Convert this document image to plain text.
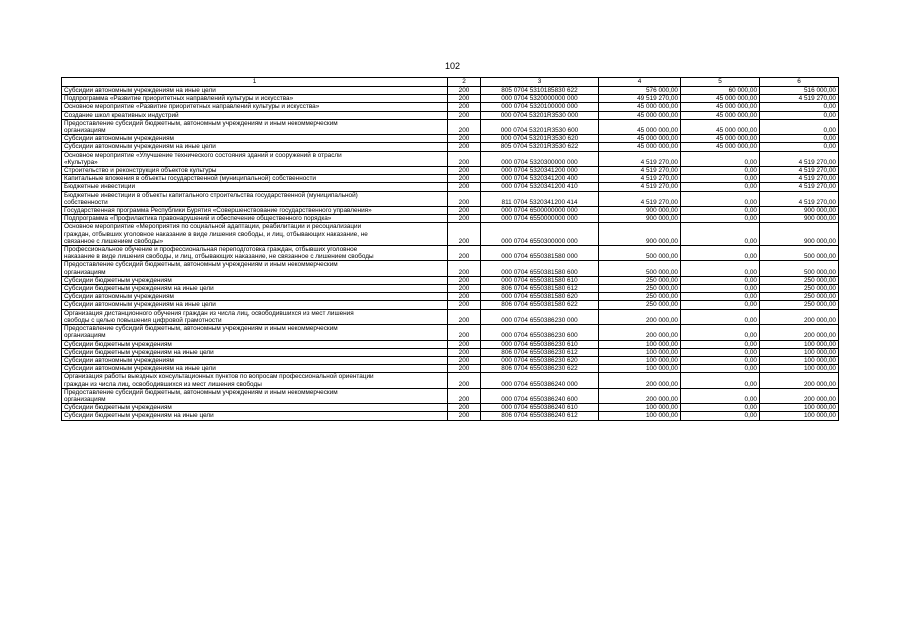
102
1	2	3	4	5	6
Субсидии автономным учреждениям на иные цели	200	805 0704 5310185830 622	576 000,00	60 000,00	516 000,00
Подпрограмма «Развитие приоритетных направлений культуры и искусства»	200	000 0704 5320000000 000	49 519 270,00	45 000 000,00	4 519 270,00
Основное мероприятие «Развитие приоритетных направлений культуры и искусства»	200	000 0704 5320100000 000	45 000 000,00	45 000 000,00	0,00
Создание школ креативных индустрий	200	000 0704 53201R3530 000	45 000 000,00	45 000 000,00	0,00
Предоставление субсидий бюджетным, автономным учреждениям и иным некоммерческим
организациям	200	000 0704 53201R3530 600	45 000 000,00	45 000 000,00	0,00
Субсидии автономным учреждениям	200	000 0704 53201R3530 620	45 000 000,00	45 000 000,00	0,00
Субсидии автономным учреждениям на иные цели	200	805 0704 53201R3530 622	45 000 000,00	45 000 000,00	0,00
Основное мероприятие «Улучшение технического состояния зданий и сооружений в отрасли
«Культура»	200	000 0704 5320300000 000	4 519 270,00	0,00	4 519 270,00
Строительство и реконструкция объектов культуры	200	000 0704 5320341200 000	4 519 270,00	0,00	4 519 270,00
Капитальные вложения в объекты государственной (муниципальной) собственности	200	000 0704 5320341200 400	4 519 270,00	0,00	4 519 270,00
Бюджетные инвестиции	200	000 0704 5320341200 410	4 519 270,00	0,00	4 519 270,00
Бюджетные инвестиции в объекты капитального строительства государственной (муниципальной)
собственности	200	811 0704 5320341200 414	4 519 270,00	0,00	4 519 270,00
Государственная программа Республики Бурятия «Совершенствование государственного управления»	200	000 0704 6500000000 000	900 000,00	0,00	900 000,00
Подпрограмма «Профилактика правонарушений и обеспечение общественного порядка»	200	000 0704 6550000000 000	900 000,00	0,00	900 000,00
Основное мероприятие «Мероприятия по социальной адаптации, реабилитации и ресоциализации
граждан, отбывших уголовное наказание в виде лишения свободы, и лиц, отбывающих наказание, не
связанное с лишением свободы»	200	000 0704 6550300000 000	900 000,00	0,00	900 000,00
Профессиональное обучение и профессиональная переподготовка граждан, отбывших уголовное
наказание в виде лишения свободы, и лиц, отбывающих наказание, не связанное с лишением свободы	200	000 0704 6550381580 000	500 000,00	0,00	500 000,00
Предоставление субсидий бюджетным, автономным учреждениям и иным некоммерческим
организациям	200	000 0704 6550381580 600	500 000,00	0,00	500 000,00
Субсидии бюджетным учреждениям	200	000 0704 6550381580 610	250 000,00	0,00	250 000,00
Субсидии бюджетным учреждениям на иные цели	200	806 0704 6550381580 612	250 000,00	0,00	250 000,00
Субсидии автономным учреждениям	200	000 0704 6550381580 620	250 000,00	0,00	250 000,00
Субсидии автономным учреждениям на иные цели	200	806 0704 6550381580 622	250 000,00	0,00	250 000,00
Организация дистанционного обучения граждан из числа лиц, освободившихся из мест лишения
свободы с целью повышения цифровой грамотности	200	000 0704 6550386230 000	200 000,00	0,00	200 000,00
Предоставление субсидий бюджетным, автономным учреждениям и иным некоммерческим
организациям	200	000 0704 6550386230 600	200 000,00	0,00	200 000,00
Субсидии бюджетным учреждениям	200	000 0704 6550386230 610	100 000,00	0,00	100 000,00
Субсидии бюджетным учреждениям на иные цели	200	806 0704 6550386230 612	100 000,00	0,00	100 000,00
Субсидии автономным учреждениям	200	000 0704 6550386230 620	100 000,00	0,00	100 000,00
Субсидии автономным учреждениям на иные цели	200	806 0704 6550386230 622	100 000,00	0,00	100 000,00
Организация работы выездных консультационных пунктов по вопросам профессиональной ориентации
граждан из числа лиц, освободившихся из мест лишения свободы	200	000 0704 6550386240 000	200 000,00	0,00	200 000,00
Предоставление субсидий бюджетным, автономным учреждениям и иным некоммерческим
организациям	200	000 0704 6550386240 600	200 000,00	0,00	200 000,00
Субсидии бюджетным учреждениям	200	000 0704 6550386240 610	100 000,00	0,00	100 000,00
Субсидии бюджетным учреждениям на иные цели	200	806 0704 6550386240 612	100 000,00	0,00	100 000,00
